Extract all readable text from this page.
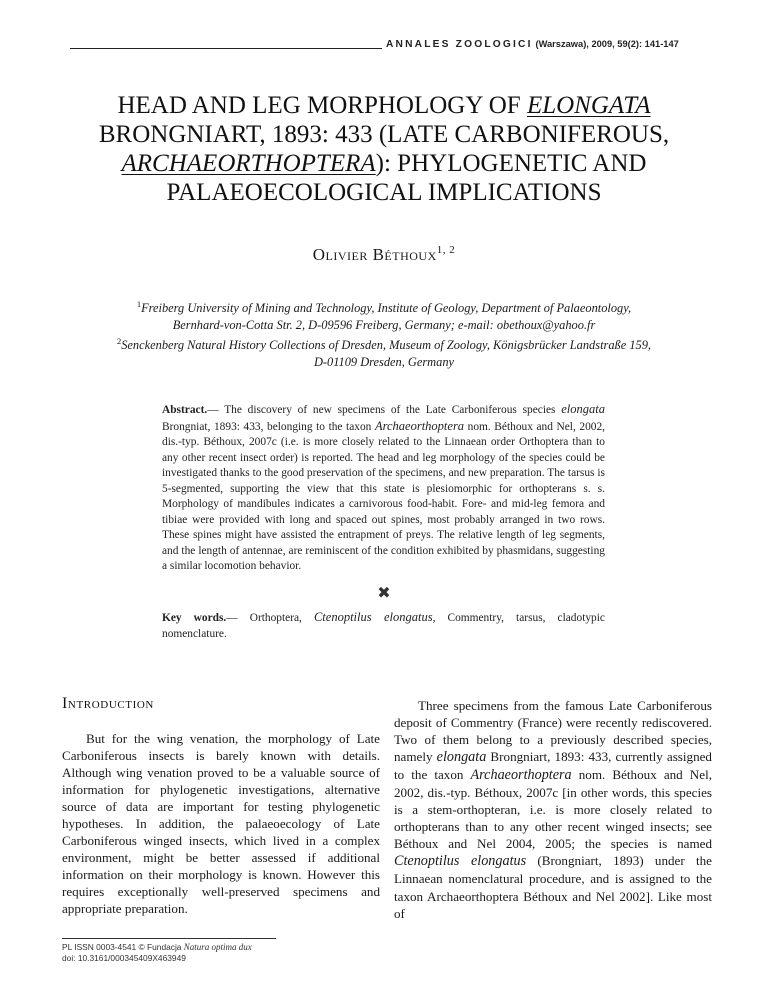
ANNALES ZOOLOGICI (Warszawa), 2009, 59(2): 141-147
HEAD AND LEG MORPHOLOGY OF ELONGATA BRONGNIART, 1893: 433 (LATE CARBONIFEROUS, ARCHAEORTHOPTERA): PHYLOGENETIC AND PALAEOECOLOGICAL IMPLICATIONS
Olivier Béthoux$^{1, 2}$
$^1$Freiberg University of Mining and Technology, Institute of Geology, Department of Palaeontology, Bernhard-von-Cotta Str. 2, D-09596 Freiberg, Germany; e-mail: obethoux@yahoo.fr
$^2$Senckenberg Natural History Collections of Dresden, Museum of Zoology, Königsbrücker Landstraße 159, D-01109 Dresden, Germany
Abstract.— The discovery of new specimens of the Late Carboniferous species elongata Brongniat, 1893: 433, belonging to the taxon Archaeorthoptera nom. Béthoux and Nel, 2002, dis.-typ. Béthoux, 2007c (i.e. is more closely related to the Linnaean order Orthoptera than to any other recent insect order) is reported. The head and leg morphology of the species could be investigated thanks to the good preservation of the specimens, and new preparation. The tarsus is 5-segmented, supporting the view that this state is plesiomorphic for orthopterans s. s. Morphology of mandibules indicates a carnivorous food-habit. Fore- and mid-leg femora and tibiae were provided with long and spaced out spines, most probably arranged in two rows. These spines might have assisted the entrapment of preys. The relative length of leg segments, and the length of antennae, are reminiscent of the condition exhibited by phasmidans, suggesting a similar locomotion behavior.
✖
Key words.— Orthoptera, Ctenoptilus elongatus, Commentry, tarsus, cladotypic nomenclature.
Introduction
But for the wing venation, the morphology of Late Carboniferous insects is barely known with details. Although wing venation proved to be a valuable source of information for phylogenetic investigations, alternative source of data are important for testing phylogenetic hypotheses. In addition, the palaeoecology of Late Carboniferous winged insects, which lived in a complex environment, might be better assessed if additional information on their morphology is known. However this requires exceptionally well-preserved specimens and appropriate preparation.
Three specimens from the famous Late Carboniferous deposit of Commentry (France) were recently rediscovered. Two of them belong to a previously described species, namely elongata Brongniart, 1893: 433, currently assigned to the taxon Archaeorthoptera nom. Béthoux and Nel, 2002, dis.-typ. Béthoux, 2007c [in other words, this species is a stem-orthopteran, i.e. is more closely related to orthopterans than to any other recent winged insects; see Béthoux and Nel 2004, 2005; the species is named Ctenoptilus elongatus (Brongniart, 1893) under the Linnaean nomenclatural procedure, and is assigned to the taxon Archaeorthoptera Béthoux and Nel 2002]. Like most of
PL ISSN 0003-4541 © Fundacja Natura optima dux
doi: 10.3161/000345409X463949
